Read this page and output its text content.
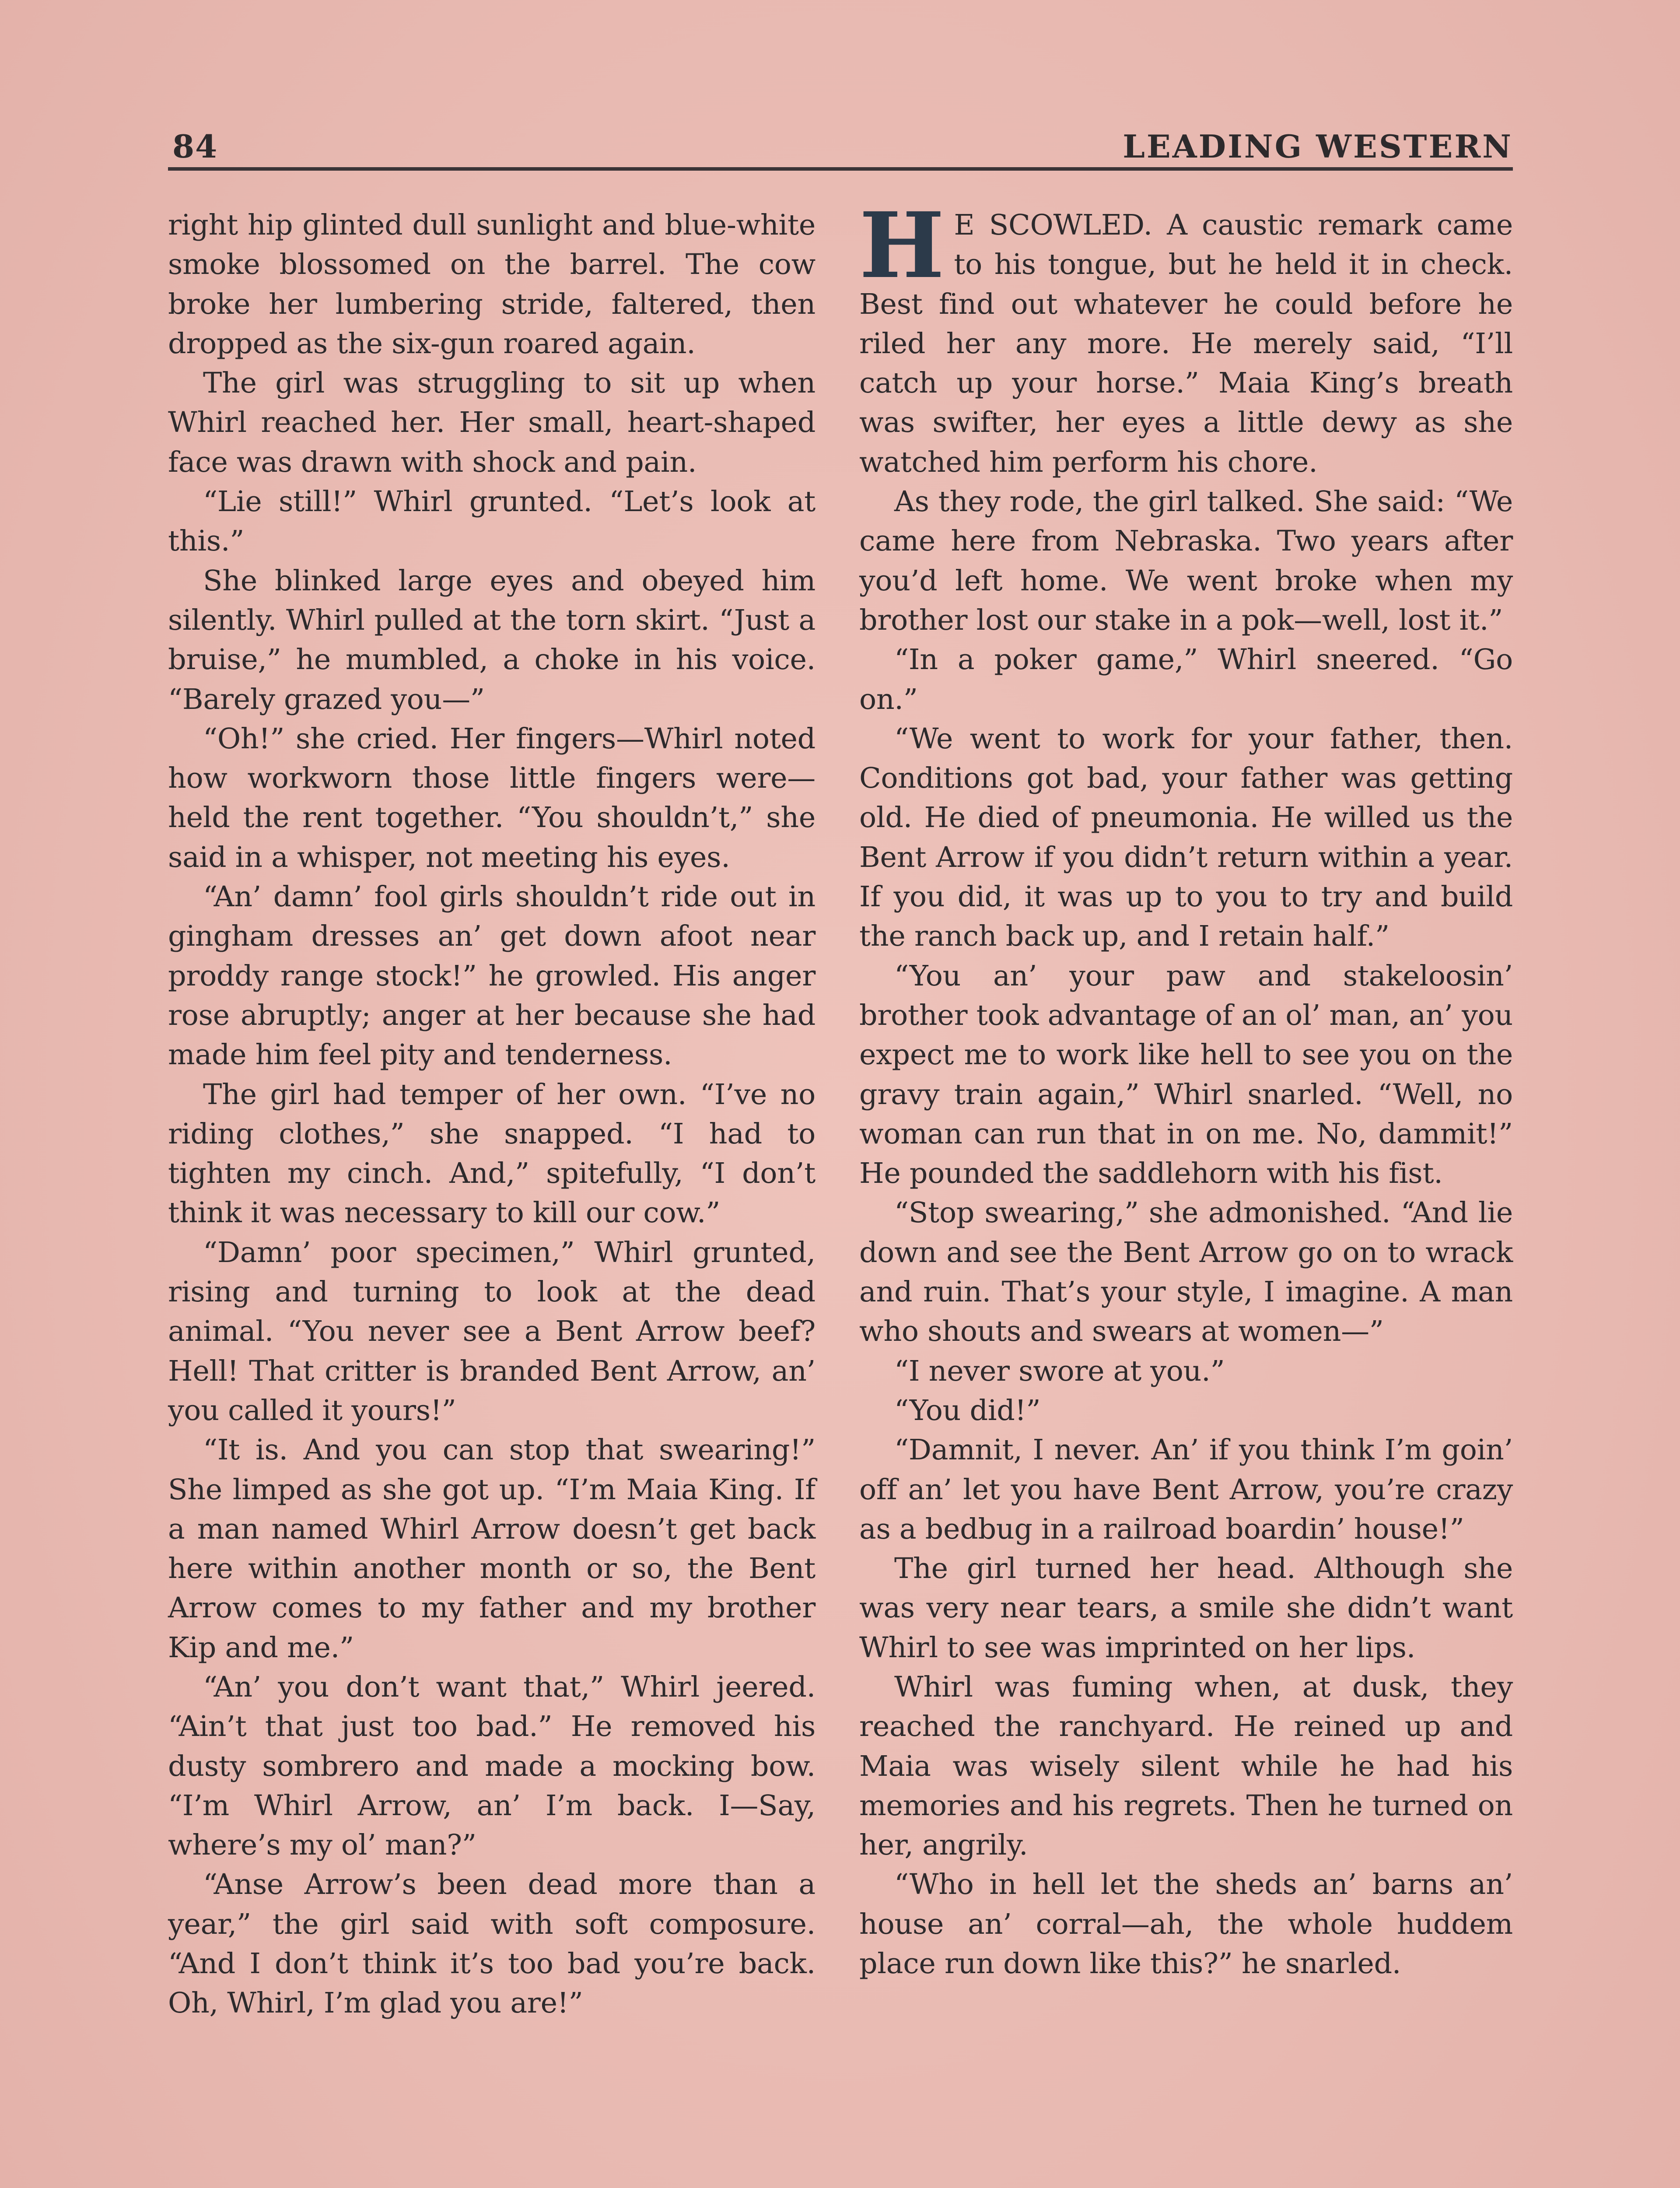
84	LEADING WESTERN

right hip glinted dull sunlight and blue-white smoke blossomed on the barrel. The cow broke her lumbering stride, faltered, then dropped as the six-gun roared again.

The girl was struggling to sit up when Whirl reached her. Her small, heart-shaped face was drawn with shock and pain.

“Lie still!” Whirl grunted. “Let’s look at this.”

She blinked large eyes and obeyed him silently. Whirl pulled at the torn skirt. “Just a bruise,” he mumbled, a choke in his voice. “Barely grazed you—”

“Oh!” she cried. Her fingers—Whirl noted how workworn those little fingers were—held the rent together. “You shouldn’t,” she said in a whisper, not meeting his eyes.

“An’ damn’ fool girls shouldn’t ride out in gingham dresses an’ get down afoot near proddy range stock!” he growled. His anger rose abruptly; anger at her because she had made him feel pity and tenderness.

The girl had temper of her own. “I’ve no riding clothes,” she snapped. “I had to tighten my cinch. And,” spitefully, “I don’t think it was necessary to kill our cow.”

“Damn’ poor specimen,” Whirl grunted, rising and turning to look at the dead animal. “You never see a Bent Arrow beef? Hell! That critter is branded Bent Arrow, an’ you called it yours!”

“It is. And you can stop that swearing!” She limped as she got up. “I’m Maia King. If a man named Whirl Arrow doesn’t get back here within another month or so, the Bent Arrow comes to my father and my brother Kip and me.”

“An’ you don’t want that,” Whirl jeered. “Ain’t that just too bad.” He removed his dusty sombrero and made a mocking bow. “I’m Whirl Arrow, an’ I’m back. I—Say, where’s my ol’ man?”

“Anse Arrow’s been dead more than a year,” the girl said with soft composure. “And I don’t think it’s too bad you’re back. Oh, Whirl, I’m glad you are!”

H E SCOWLED. A caustic remark came to his tongue, but he held it in check. Best find out whatever he could before he riled her any more. He merely said, “I’ll catch up your horse.” Maia King’s breath was swifter, her eyes a little dewy as she watched him perform his chore.

As they rode, the girl talked. She said: “We came here from Nebraska. Two years after you’d left home. We went broke when my brother lost our stake in a pok—well, lost it.”

“In a poker game,” Whirl sneered. “Go on.”

“We went to work for your father, then. Conditions got bad, your father was getting old. He died of pneumonia. He willed us the Bent Arrow if you didn’t return within a year. If you did, it was up to you to try and build the ranch back up, and I retain half.”

“You an’ your paw and stakeloosin’ brother took advantage of an ol’ man, an’ you expect me to work like hell to see you on the gravy train again,” Whirl snarled. “Well, no woman can run that in on me. No, dammit!” He pounded the saddlehorn with his fist.

“Stop swearing,” she admonished. “And lie down and see the Bent Arrow go on to wrack and ruin. That’s your style, I imagine. A man who shouts and swears at women—”

“I never swore at you.”

“You did!”

“Damnit, I never. An’ if you think I’m goin’ off an’ let you have Bent Arrow, you’re crazy as a bedbug in a railroad boardin’ house!”

The girl turned her head. Although she was very near tears, a smile she didn’t want Whirl to see was imprinted on her lips.

Whirl was fuming when, at dusk, they reached the ranchyard. He reined up and Maia was wisely silent while he had his memories and his regrets. Then he turned on her, angrily.

“Who in hell let the sheds an’ barns an’ house an’ corral—ah, the whole huddem place run down like this?” he snarled.
